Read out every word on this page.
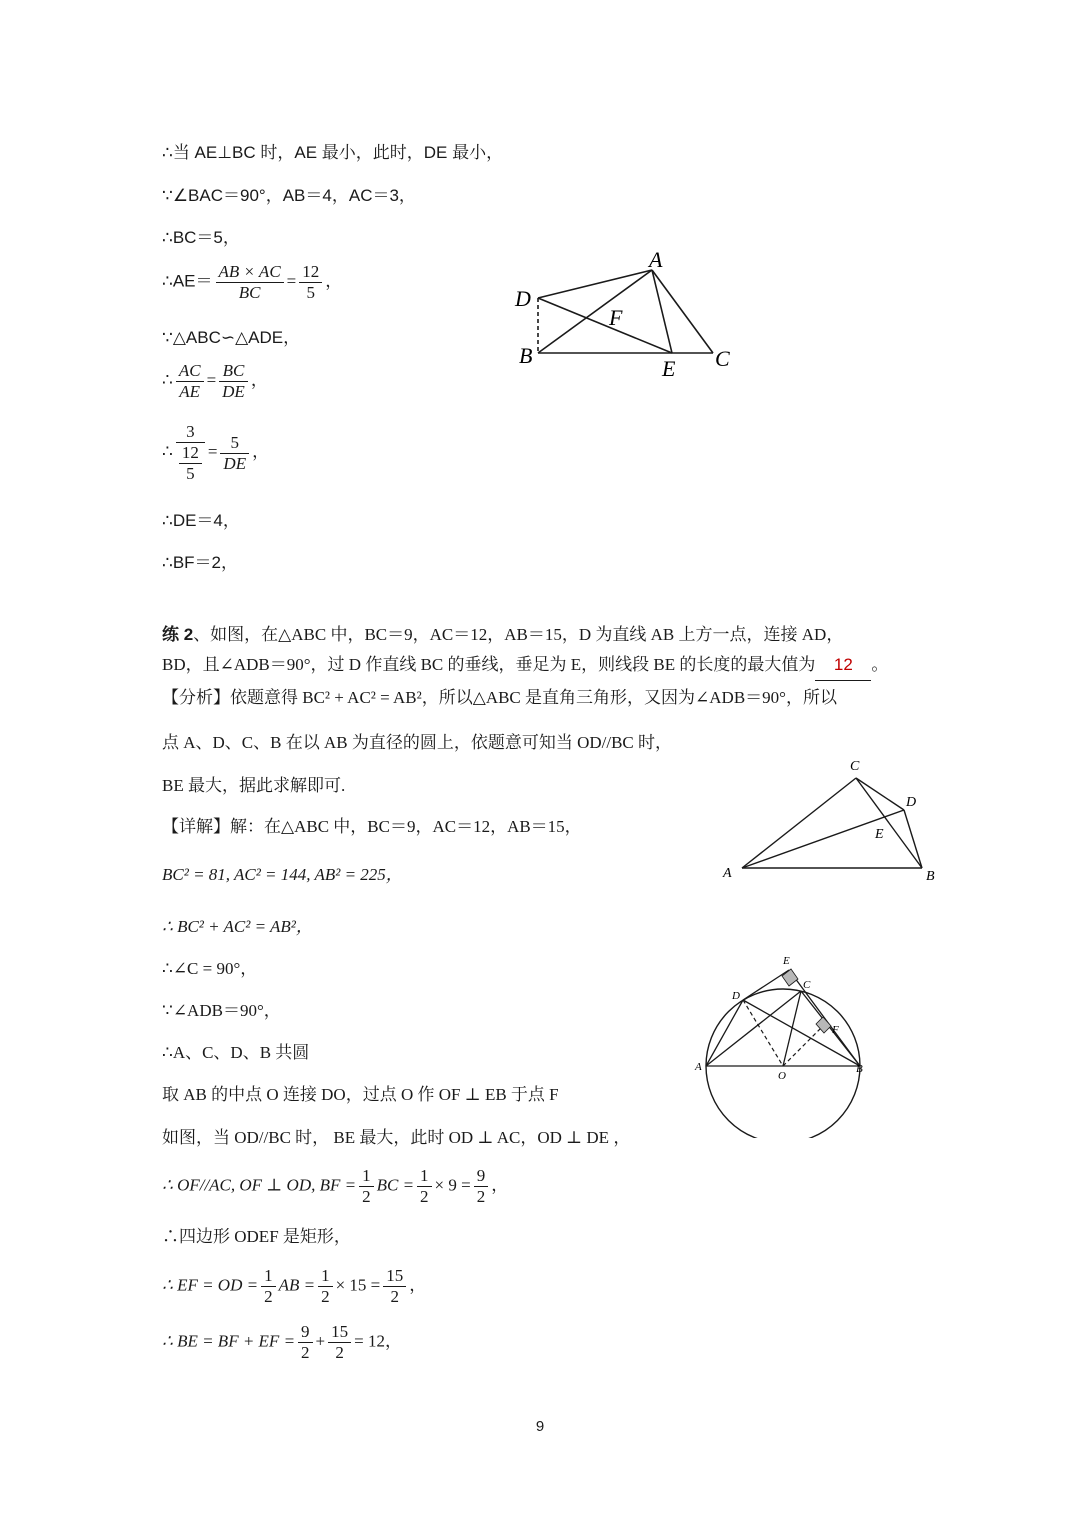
∴当 AE⊥BC 时，AE 最小，此时，DE 最小，
∵∠BAC＝90°，AB＝4，AC＝3，
∴BC＝5，
∴AE＝ $\frac{AB \times AC}{BC} = \frac{12}{5}$ ，
∵△ABC∽△ADE，
∴ $\frac{AC}{AE} = \frac{BC}{DE}$ ，
∴ $\frac{3}{\frac{12}{5}} = \frac{5}{DE}$ ，
∴DE＝4，
∴BF＝2，
A
D
F
B
E C
练 2、如图，在△ABC 中，BC＝9，AC＝12，AB＝15，D 为直线 AB 上方一点，连接 AD，
BD，且∠ADB＝90°，过 D 作直线 BC 的垂线，垂足为 E，则线段 BE 的长度的最大值为 12 。
【分析】依题意得 BC² + AC² = AB²，所以△ABC 是直角三角形，又因为∠ADB＝90°，所以
点 A、D、C、B 在以 AB 为直径的圆上，依题意可知当 OD//BC 时，
BE 最大，据此求解即可.
C
D
E
A	B
【详解】解：在△ABC 中，BC＝9，AC＝12，AB＝15，
BC² = 81, AC² = 144, AB² = 225，
∴ BC² + AC² = AB²，
∴∠C = 90°，
∵∠ADB＝90°，
∴A、C、D、B 共圆
取 AB 的中点 O 连接 DO，过点 O 作 OF ⊥ EB 于点 F
如图，当 OD//BC 时， BE 最大，此时 OD ⊥ AC，OD ⊥ DE ，
∴ OF//AC, OF ⊥ OD, BF = $\frac{1}{2}$ BC = $\frac{1}{2} \times 9 = \frac{9}{2}$ ，
∴四边形 ODEF 是矩形，
∴ EF = OD = $\frac{1}{2}$ AB = $\frac{1}{2} \times 15 = \frac{15}{2}$ ，
∴ BE = BF + EF = $\frac{9}{2} + \frac{15}{2} = 12$，
E
C
D
F
A
O
B
9
